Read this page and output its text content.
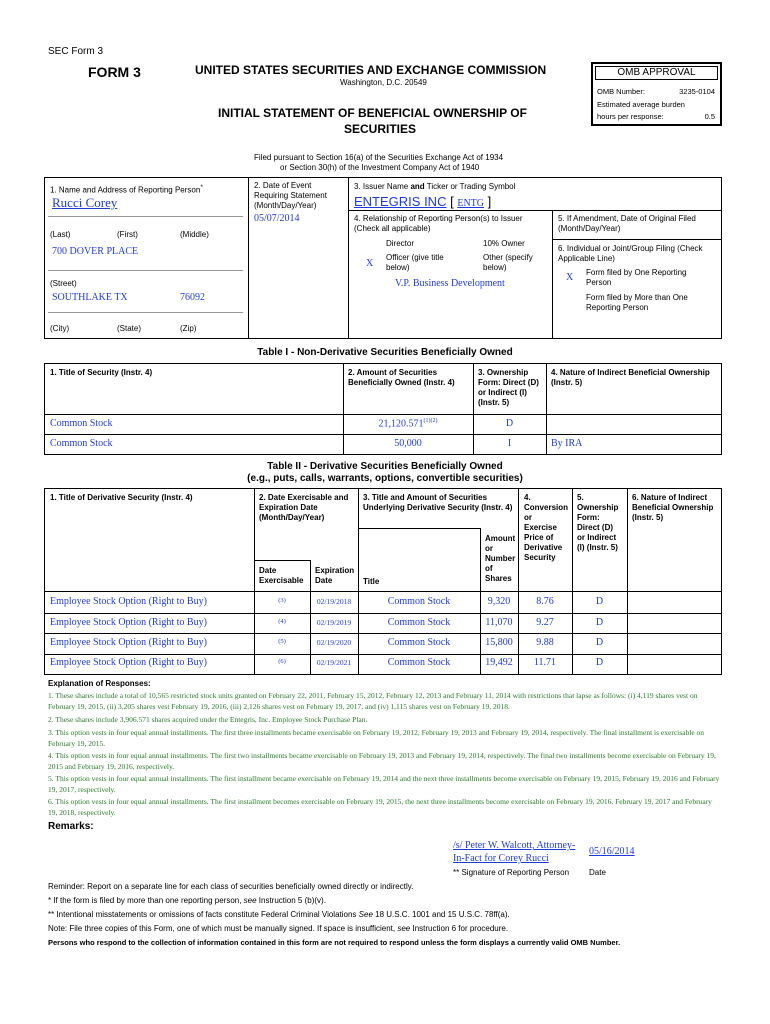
SEC Form 3
FORM 3	UNITED STATES SECURITIES AND EXCHANGE COMMISSION
Washington, D.C. 20549
INITIAL STATEMENT OF BENEFICIAL OWNERSHIP OF
SECURITIES
Filed pursuant to Section 16(a) of the Securities Exchange Act of 1934
or Section 30(h) of the Investment Company Act of 1940
OMB APPROVAL
OMB Number:	3235-0104
Estimated average burden
hours per response:	0.5
1. Name and Address of Reporting Person*
Rucci Corey
(Last)	(First)	(Middle)
700 DOVER PLACE
(Street)
SOUTHLAKE TX	76092
(City)	(State)	(Zip)
2. Date of Event
Requiring Statement
(Month/Day/Year)
05/07/2014
3. Issuer Name and Ticker or Trading Symbol
ENTEGRIS INC [ ENTG ]
4. Relationship of Reporting Person(s) to Issuer
(Check all applicable)
Director	10% Owner
X
Officer (give title
below)
Other (specify
below)
V.P. Business Development
5. If Amendment, Date of Original Filed
(Month/Day/Year)
6. Individual or Joint/Group Filing (Check
Applicable Line)
X Form filed by One Reporting
Person
Form filed by More than One
Reporting Person
Table I - Non-Derivative Securities Beneficially Owned
1. Title of Security (Instr. 4)	2. Amount of Securities
Beneficially Owned (Instr. 4)
3. Ownership
Form: Direct (D)
or Indirect (I)
(Instr. 5)
4. Nature of Indirect Beneficial Ownership
(Instr. 5)
Common Stock	$21,120.571^{(1)(2)}$	D
Common Stock	50,000	I	By IRA
Table II - Derivative Securities Beneficially Owned
(e.g., puts, calls, warrants, options, convertible securities)
1. Title of Derivative Security (Instr. 4)	2. Date Exercisable and
Expiration Date
(Month/Day/Year)
Date
Exercisable
Expiration
Date
3. Title and Amount of Securities
Underlying Derivative Security (Instr. 4)
Title
Amount
or
Number
of
Shares
4.
Conversion
or
Exercise
Price of
Derivative
Security
5.
Ownership
Form:
Direct (D)
or Indirect
(I) (Instr. 5)
6. Nature of Indirect
Beneficial Ownership
(Instr. 5)
Employee Stock Option (Right to Buy)	(3)	02/19/2018	Common Stock	9,320	8.76	D
Employee Stock Option (Right to Buy)	(4)	02/19/2019	Common Stock	11,070	9.27	D
Employee Stock Option (Right to Buy)	(5)	02/19/2020	Common Stock	15,800	9.88	D
Employee Stock Option (Right to Buy)	(6)	02/19/2021	Common Stock	19,492	11.71	D
Explanation of Responses:
1. These shares include a total of 10,565 restricted stock units granted on February 22, 2011, February 15, 2012, February 12, 2013 and February 11, 2014 with restrictions that lapse as follows: (i) 4,119 shares vest on February 19, 2015, (ii) 3,205 shares vest February 19, 2016, (iii) 2,126 shares vest on February 19, 2017, and (iv) 1,115 shares vest on February 19, 2018.
2. These shares include 3,906.571 shares acquired under the Entegris, Inc. Employee Stock Purchase Plan.
3. This option vests in four equal annual installments. The first three installments became exercisable on February 19, 2012, February 19, 2013 and February 19, 2014, respectively. The final installment is exercisable on February 19, 2015.
4. This option vests in four equal annual installments. The first two installments became exercisable on February 19, 2013 and February 19, 2014, respectively. The final two installments become exercisable on February 19, 2015 and February 19, 2016, respectively.
5. This option vests in four equal annual installments. The first installment became exercisable on February 19, 2014 and the next three installments become exercisable on February 19, 2015, February 19, 2016 and February 19, 2017, respectively.
6. This option vests in four equal annual installments. The first installment becomes exercisable on February 19, 2015, the next three installments become exercisable on February 19, 2016, February 19, 2017 and February 19, 2018, respectively.
Remarks:
/s/ Peter W. Walcott, Attorney-
In-Fact for Corey Rucci
05/16/2014
** Signature of Reporting Person Date
Reminder: Report on a separate line for each class of securities beneficially owned directly or indirectly.
* If the form is filed by more than one reporting person, see Instruction 5 (b)(v).
** Intentional misstatements or omissions of facts constitute Federal Criminal Violations See 18 U.S.C. 1001 and 15 U.S.C. 78ff(a).
Note: File three copies of this Form, one of which must be manually signed. If space is insufficient, see Instruction 6 for procedure.
Persons who respond to the collection of information contained in this form are not required to respond unless the form displays a currently valid OMB Number.
